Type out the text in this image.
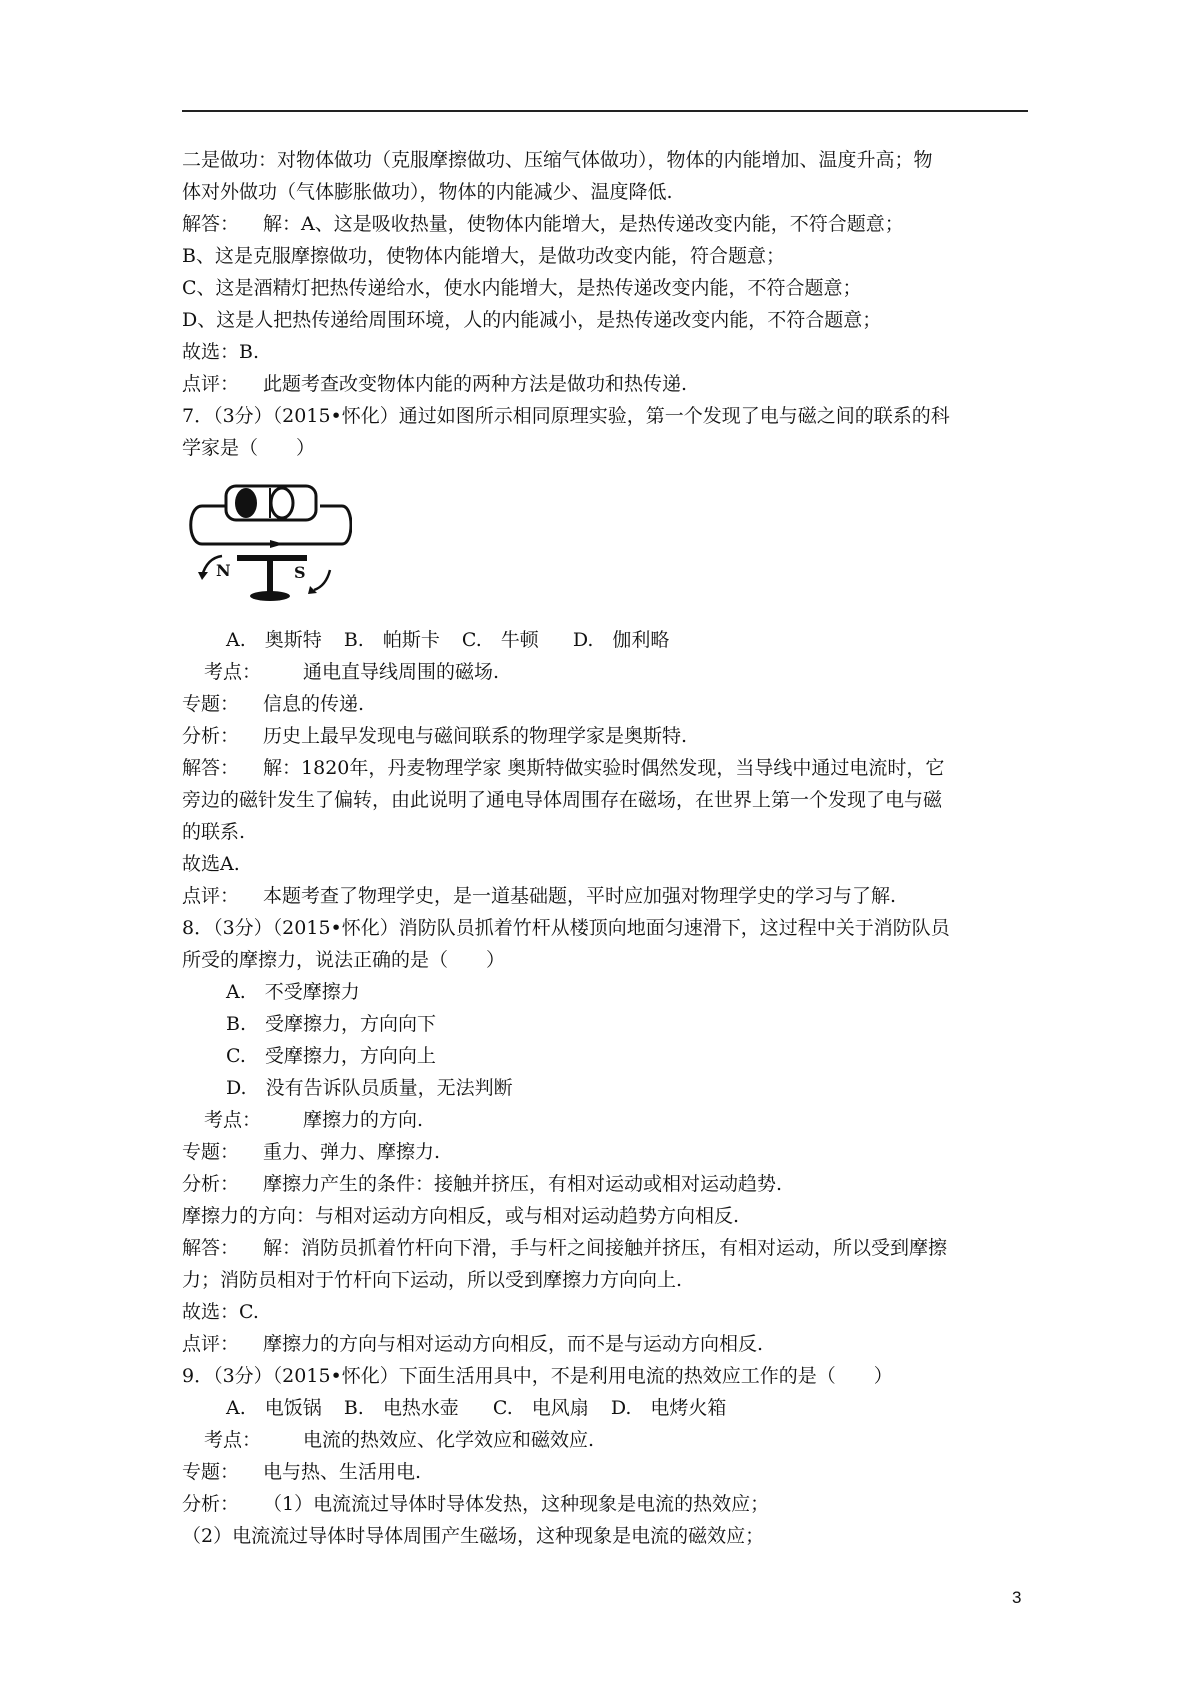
二是做功：对物体做功（克服摩擦做功、压缩气体做功），物体的内能增加、温度升高；物
体对外做功（气体膨胀做功），物体的内能减少、温度降低.
解答： 解：A、这是吸收热量，使物体内能增大，是热传递改变内能，不符合题意；
B、这是克服摩擦做功，使物体内能增大，是做功改变内能，符合题意；
C、这是酒精灯把热传递给水，使水内能增大，是热传递改变内能，不符合题意；
D、这是人把热传递给周围环境，人的内能减小，是热传递改变内能，不符合题意；
故选：B.
点评： 此题考查改变物体内能的两种方法是做功和热传递.
7．（3分）（2015•怀化）通过如图所示相同原理实验，第一个发现了电与磁之间的联系的科
学家是（　　）
N	S
A.　奥斯特 B.　帕斯卡 C.　牛顿 D.　伽利略
考点： 通电直导线周围的磁场.
专题： 信息的传递.
分析： 历史上最早发现电与磁间联系的物理学家是奥斯特.
解答： 解：1820年，丹麦物理学家 奥斯特做实验时偶然发现，当导线中通过电流时，它
旁边的磁针发生了偏转，由此说明了通电导体周围存在磁场，在世界上第一个发现了电与磁
的联系.
故选A.
点评： 本题考查了物理学史，是一道基础题，平时应加强对物理学史的学习与了解.
8．（3分）（2015•怀化）消防队员抓着竹杆从楼顶向地面匀速滑下，这过程中关于消防队员
所受的摩擦力，说法正确的是（　　）
A.　不受摩擦力
B.　受摩擦力，方向向下
C.　受摩擦力，方向向上
D.　没有告诉队员质量，无法判断
考点： 摩擦力的方向.
专题： 重力、弹力、摩擦力.
分析： 摩擦力产生的条件：接触并挤压，有相对运动或相对运动趋势.
摩擦力的方向：与相对运动方向相反，或与相对运动趋势方向相反.
解答： 解：消防员抓着竹杆向下滑，手与杆之间接触并挤压，有相对运动，所以受到摩擦
力；消防员相对于竹杆向下运动，所以受到摩擦力方向向上.
故选：C.
点评： 摩擦力的方向与相对运动方向相反，而不是与运动方向相反.
9．（3分）（2015•怀化）下面生活用具中，不是利用电流的热效应工作的是（　　）
A.　电饭锅 B.　电热水壶 C.　电风扇 D.　电烤火箱
考点： 电流的热效应、化学效应和磁效应.
专题： 电与热、生活用电.
分析： （1）电流流过导体时导体发热，这种现象是电流的热效应；
（2）电流流过导体时导体周围产生磁场，这种现象是电流的磁效应；
3
